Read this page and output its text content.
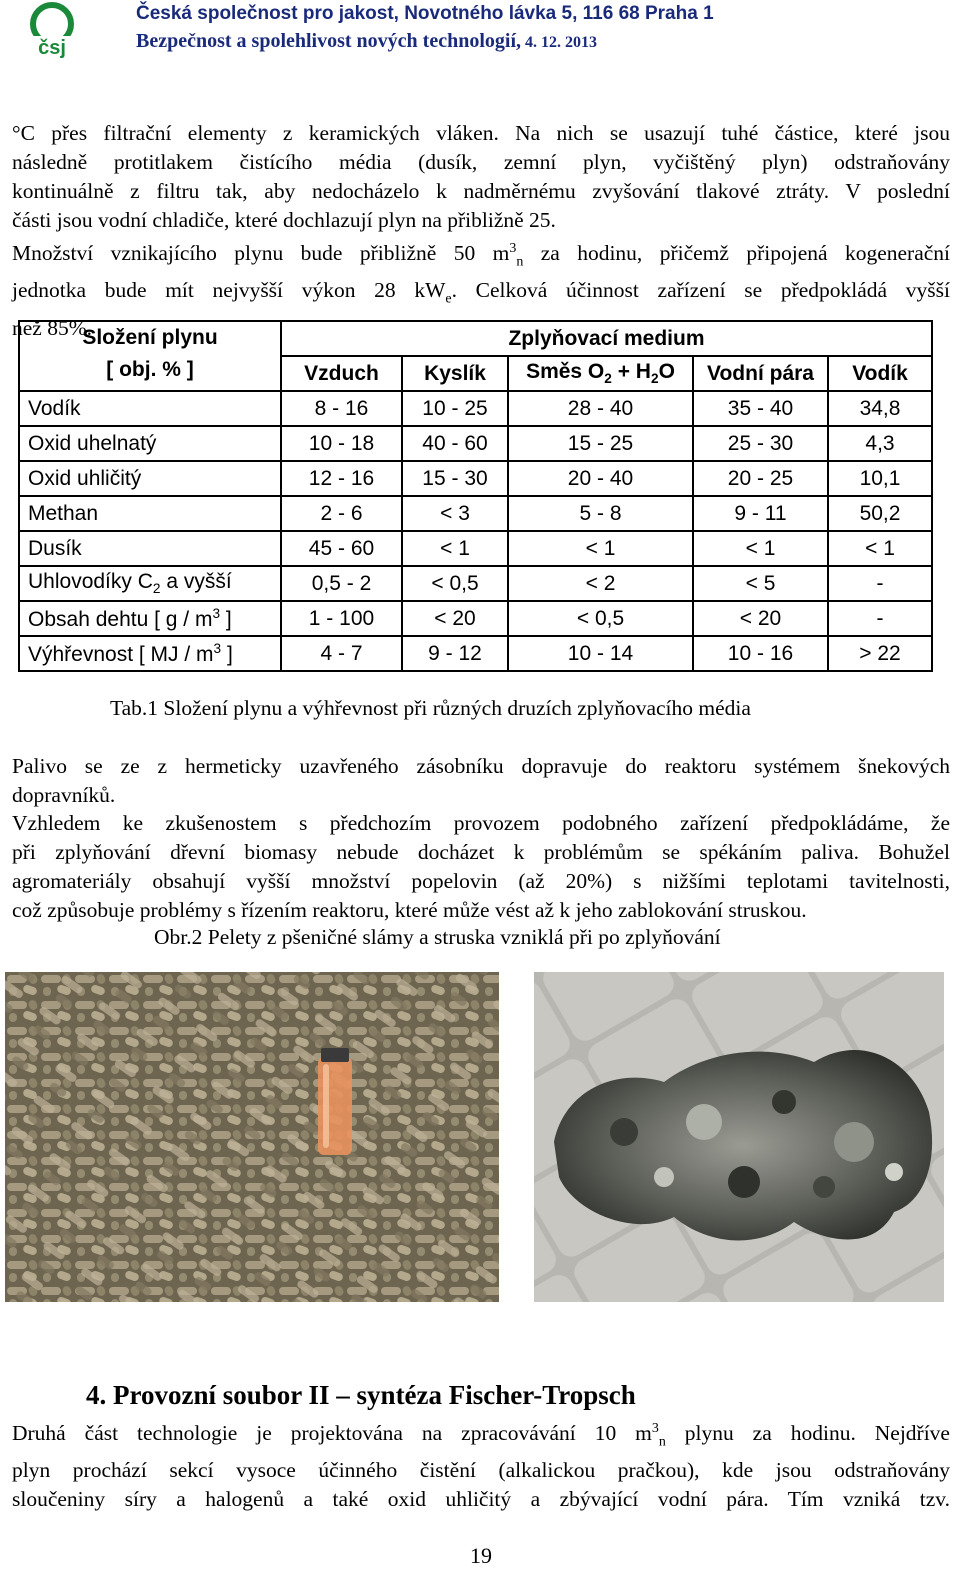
čsj
Česká společnost pro jakost, Novotného lávka 5, 116 68 Praha 1
Bezpečnost a spolehlivost nových technologií, 4. 12. 2013
°C přes filtrační elementy z keramických vláken. Na nich se usazují tuhé částice, které jsou
následně protitlakem čistícího média (dusík, zemní plyn, vyčištěný plyn) odstraňovány
kontinuálně z filtru tak, aby nedocházelo k nadměrnému zvyšování tlakové ztráty. V poslední
části jsou vodní chladiče, které dochlazují plyn na přibližně 25.
Množství vznikajícího plynu bude přibližně 50 $m^3_n$ za hodinu, přičemž připojená kogenerační
jednotka bude mít nejvyšší výkon 28 $kW_e$. Celková účinnost zařízení se předpokládá vyšší
než 85%.
Složení plynu
[ obj. % ]	Zplyňovací medium				
	Vzduch	Kyslík	Směs $O_2 + H_2O$	Vodní pára	Vodík
Vodík	8 - 16	10 - 25	28 - 40	35 - 40	34,8
Oxid uhelnatý	10 - 18	40 - 60	15 - 25	25 - 30	4,3
Oxid uhličitý	12 - 16	15 - 30	20 - 40	20 - 25	10,1
Methan	2 - 6	< 3	5 - 8	9 - 11	50,2
Dusík	45 - 60	< 1	< 1	< 1	< 1
Uhlovodíky $C_2$ a vyšší	0,5 - 2	< 0,5	< 2	< 5	-
Obsah dehtu [ g / $m^3$ ]	1 - 100	< 20	< 0,5	< 20	-
Výhřevnost [ MJ / $m^3$ ]	4 - 7	9 - 12	10 - 14	10 - 16	> 22
Tab.1 Složení plynu a výhřevnost při různých druzích zplyňovacího média
Palivo se ze z hermeticky uzavřeného zásobníku dopravuje do reaktoru systémem šnekových
dopravníků.
Vzhledem ke zkušenostem s předchozím provozem podobného zařízení předpokládáme, že
při zplyňování dřevní biomasy nebude docházet k problémům se spékáním paliva. Bohužel
agromateriály obsahují vyšší množství popelovin (až 20%) s nižšími teplotami tavitelnosti,
což způsobuje problémy s řízením reaktoru, které může vést až k jeho zablokování struskou.
Obr.2 Pelety z pšeničné slámy a struska vzniklá při po zplyňování
4. Provozní soubor II – syntéza Fischer-Tropsch
Druhá část technologie je projektována na zpracovávání 10 $m^3_n$ plynu za hodinu. Nejdříve
plyn prochází sekcí vysoce účinného čistění (alkalickou pračkou), kde jsou odstraňovány
sloučeniny síry a halogenů a také oxid uhličitý a zbývající vodní pára. Tím vzniká tzv.
19
